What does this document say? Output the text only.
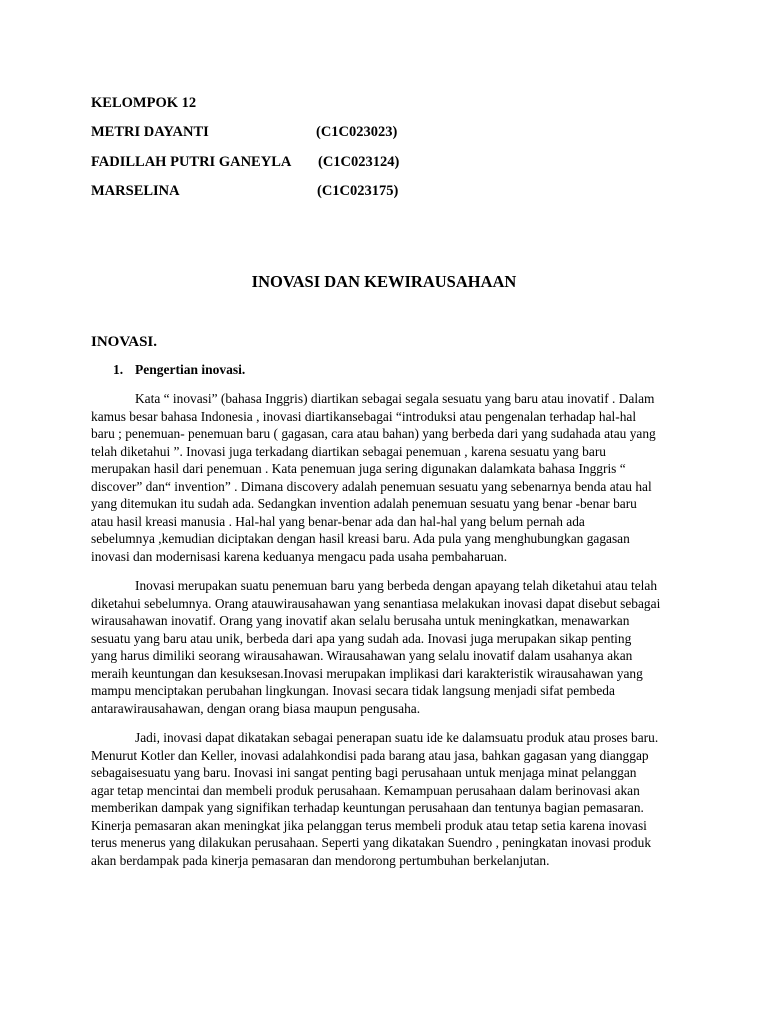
KELOMPOK 12
METRI DAYANTI	(C1C023023)
FADILLAH PUTRI GANEYLA (C1C023124)
MARSELINA	(C1C023175)
INOVASI DAN KEWIRAUSAHAAN
INOVASI.
1. Pengertian inovasi.

Kata “ inovasi” (bahasa Inggris) diartikan sebagai segala sesuatu yang baru atau inovatif . Dalam
kamus besar bahasa Indonesia , inovasi diartikansebagai “introduksi atau pengenalan terhadap hal-hal
baru ; penemuan- penemuan baru ( gagasan, cara atau bahan) yang berbeda dari yang sudahada atau yang
telah diketahui ”. Inovasi juga terkadang diartikan sebagai penemuan , karena sesuatu yang baru
merupakan hasil dari penemuan . Kata penemuan juga sering digunakan dalamkata bahasa Inggris “
discover” dan“ invention” . Dimana discovery adalah penemuan sesuatu yang sebenarnya benda atau hal
yang ditemukan itu sudah ada. Sedangkan invention adalah penemuan sesuatu yang benar -benar baru
atau hasil kreasi manusia . Hal-hal yang benar-benar ada dan hal-hal yang belum pernah ada
sebelumnya ,kemudian diciptakan dengan hasil kreasi baru. Ada pula yang menghubungkan gagasan
inovasi dan modernisasi karena keduanya mengacu pada usaha pembaharuan.

Inovasi merupakan suatu penemuan baru yang berbeda dengan apayang telah diketahui atau telah
diketahui sebelumnya. Orang atauwirausahawan yang senantiasa melakukan inovasi dapat disebut sebagai
wirausahawan inovatif. Orang yang inovatif akan selalu berusaha untuk meningkatkan, menawarkan
sesuatu yang baru atau unik, berbeda dari apa yang sudah ada. Inovasi juga merupakan sikap penting
yang harus dimiliki seorang wirausahawan. Wirausahawan yang selalu inovatif dalam usahanya akan
meraih keuntungan dan kesuksesan.Inovasi merupakan implikasi dari karakteristik wirausahawan yang
mampu menciptakan perubahan lingkungan. Inovasi secara tidak langsung menjadi sifat pembeda
antarawirausahawan, dengan orang biasa maupun pengusaha.

Jadi, inovasi dapat dikatakan sebagai penerapan suatu ide ke dalamsuatu produk atau proses baru.
Menurut Kotler dan Keller, inovasi adalahkondisi pada barang atau jasa, bahkan gagasan yang dianggap
sebagaisesuatu yang baru. Inovasi ini sangat penting bagi perusahaan untuk menjaga minat pelanggan
agar tetap mencintai dan membeli produk perusahaan. Kemampuan perusahaan dalam berinovasi akan
memberikan dampak yang signifikan terhadap keuntungan perusahaan dan tentunya bagian pemasaran.
Kinerja pemasaran akan meningkat jika pelanggan terus membeli produk atau tetap setia karena inovasi
terus menerus yang dilakukan perusahaan. Seperti yang dikatakan Suendro , peningkatan inovasi produk
akan berdampak pada kinerja pemasaran dan mendorong pertumbuhan berkelanjutan.
